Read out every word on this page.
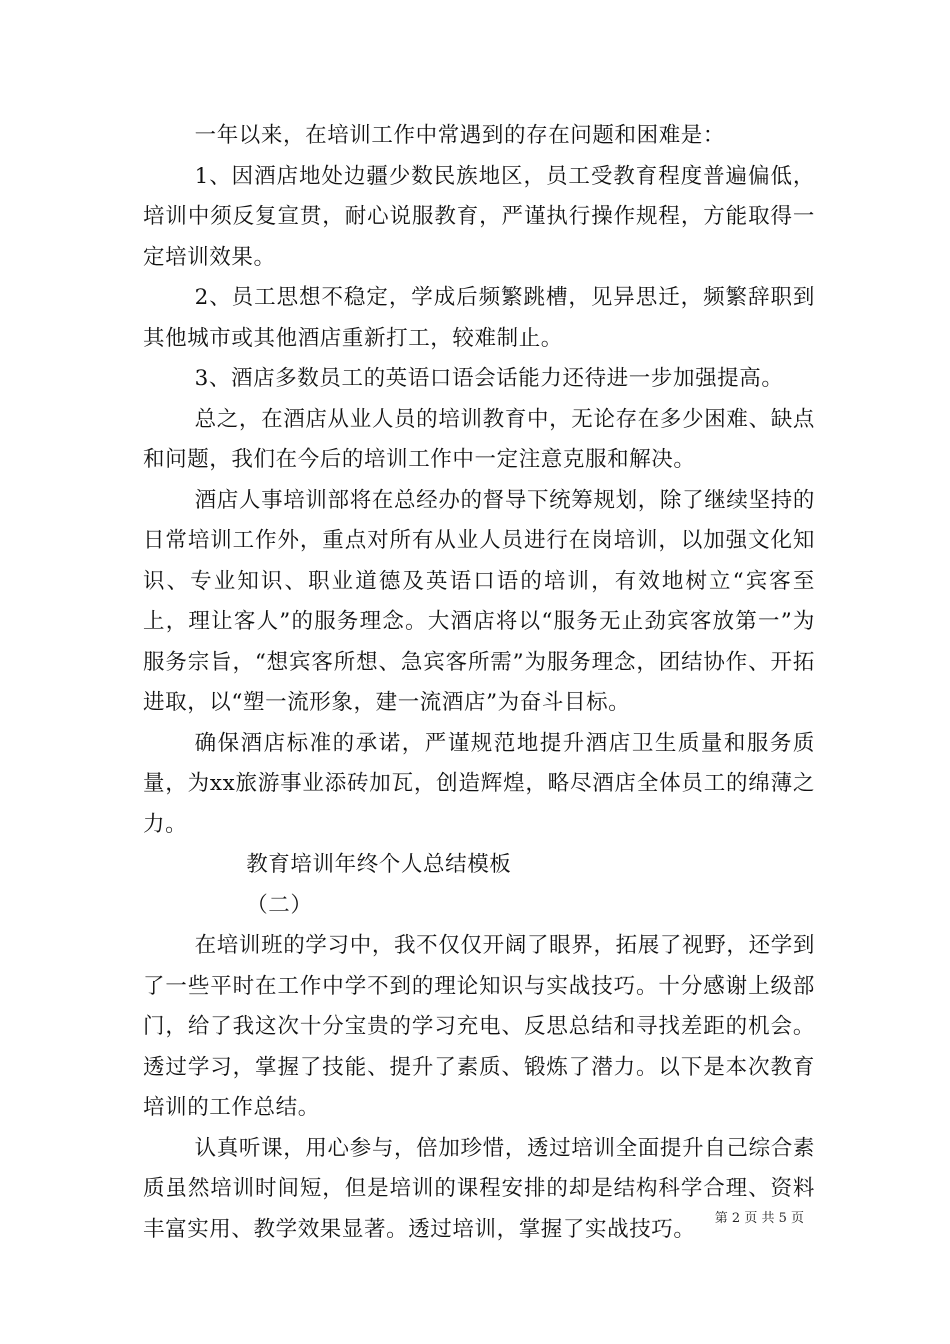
一年以来，在培训工作中常遇到的存在问题和困难是：

1、因酒店地处边疆少数民族地区，员工受教育程度普遍偏低，培训中须反复宣贯，耐心说服教育，严谨执行操作规程，方能取得一定培训效果。

2、员工思想不稳定，学成后频繁跳槽，见异思迁，频繁辞职到其他城市或其他酒店重新打工，较难制止。

3、酒店多数员工的英语口语会话能力还待进一步加强提高。

总之，在酒店从业人员的培训教育中，无论存在多少困难、缺点和问题，我们在今后的培训工作中一定注意克服和解决。

酒店人事培训部将在总经办的督导下统筹规划，除了继续坚持的日常培训工作外，重点对所有从业人员进行在岗培训，以加强文化知识、专业知识、职业道德及英语口语的培训，有效地树立“宾客至上，理让客人”的服务理念。大酒店将以“服务无止劲宾客放第一”为服务宗旨，“想宾客所想、急宾客所需”为服务理念，团结协作、开拓进取，以“塑一流形象，建一流酒店”为奋斗目标。

确保酒店标准的承诺，严谨规范地提升酒店卫生质量和服务质量，为xx旅游事业添砖加瓦，创造辉煌，略尽酒店全体员工的绵薄之力。

教育培训年终个人总结模板

（二）

在培训班的学习中，我不仅仅开阔了眼界，拓展了视野，还学到了一些平时在工作中学不到的理论知识与实战技巧。十分感谢上级部门，给了我这次十分宝贵的学习充电、反思总结和寻找差距的机会。透过学习，掌握了技能、提升了素质、锻炼了潜力。以下是本次教育培训的工作总结。

认真听课，用心参与，倍加珍惜，透过培训全面提升自己综合素质虽然培训时间短，但是培训的课程安排的却是结构科学合理、资料丰富实用、教学效果显著。透过培训，掌握了实战技巧。	第 2 页 共 5 页
